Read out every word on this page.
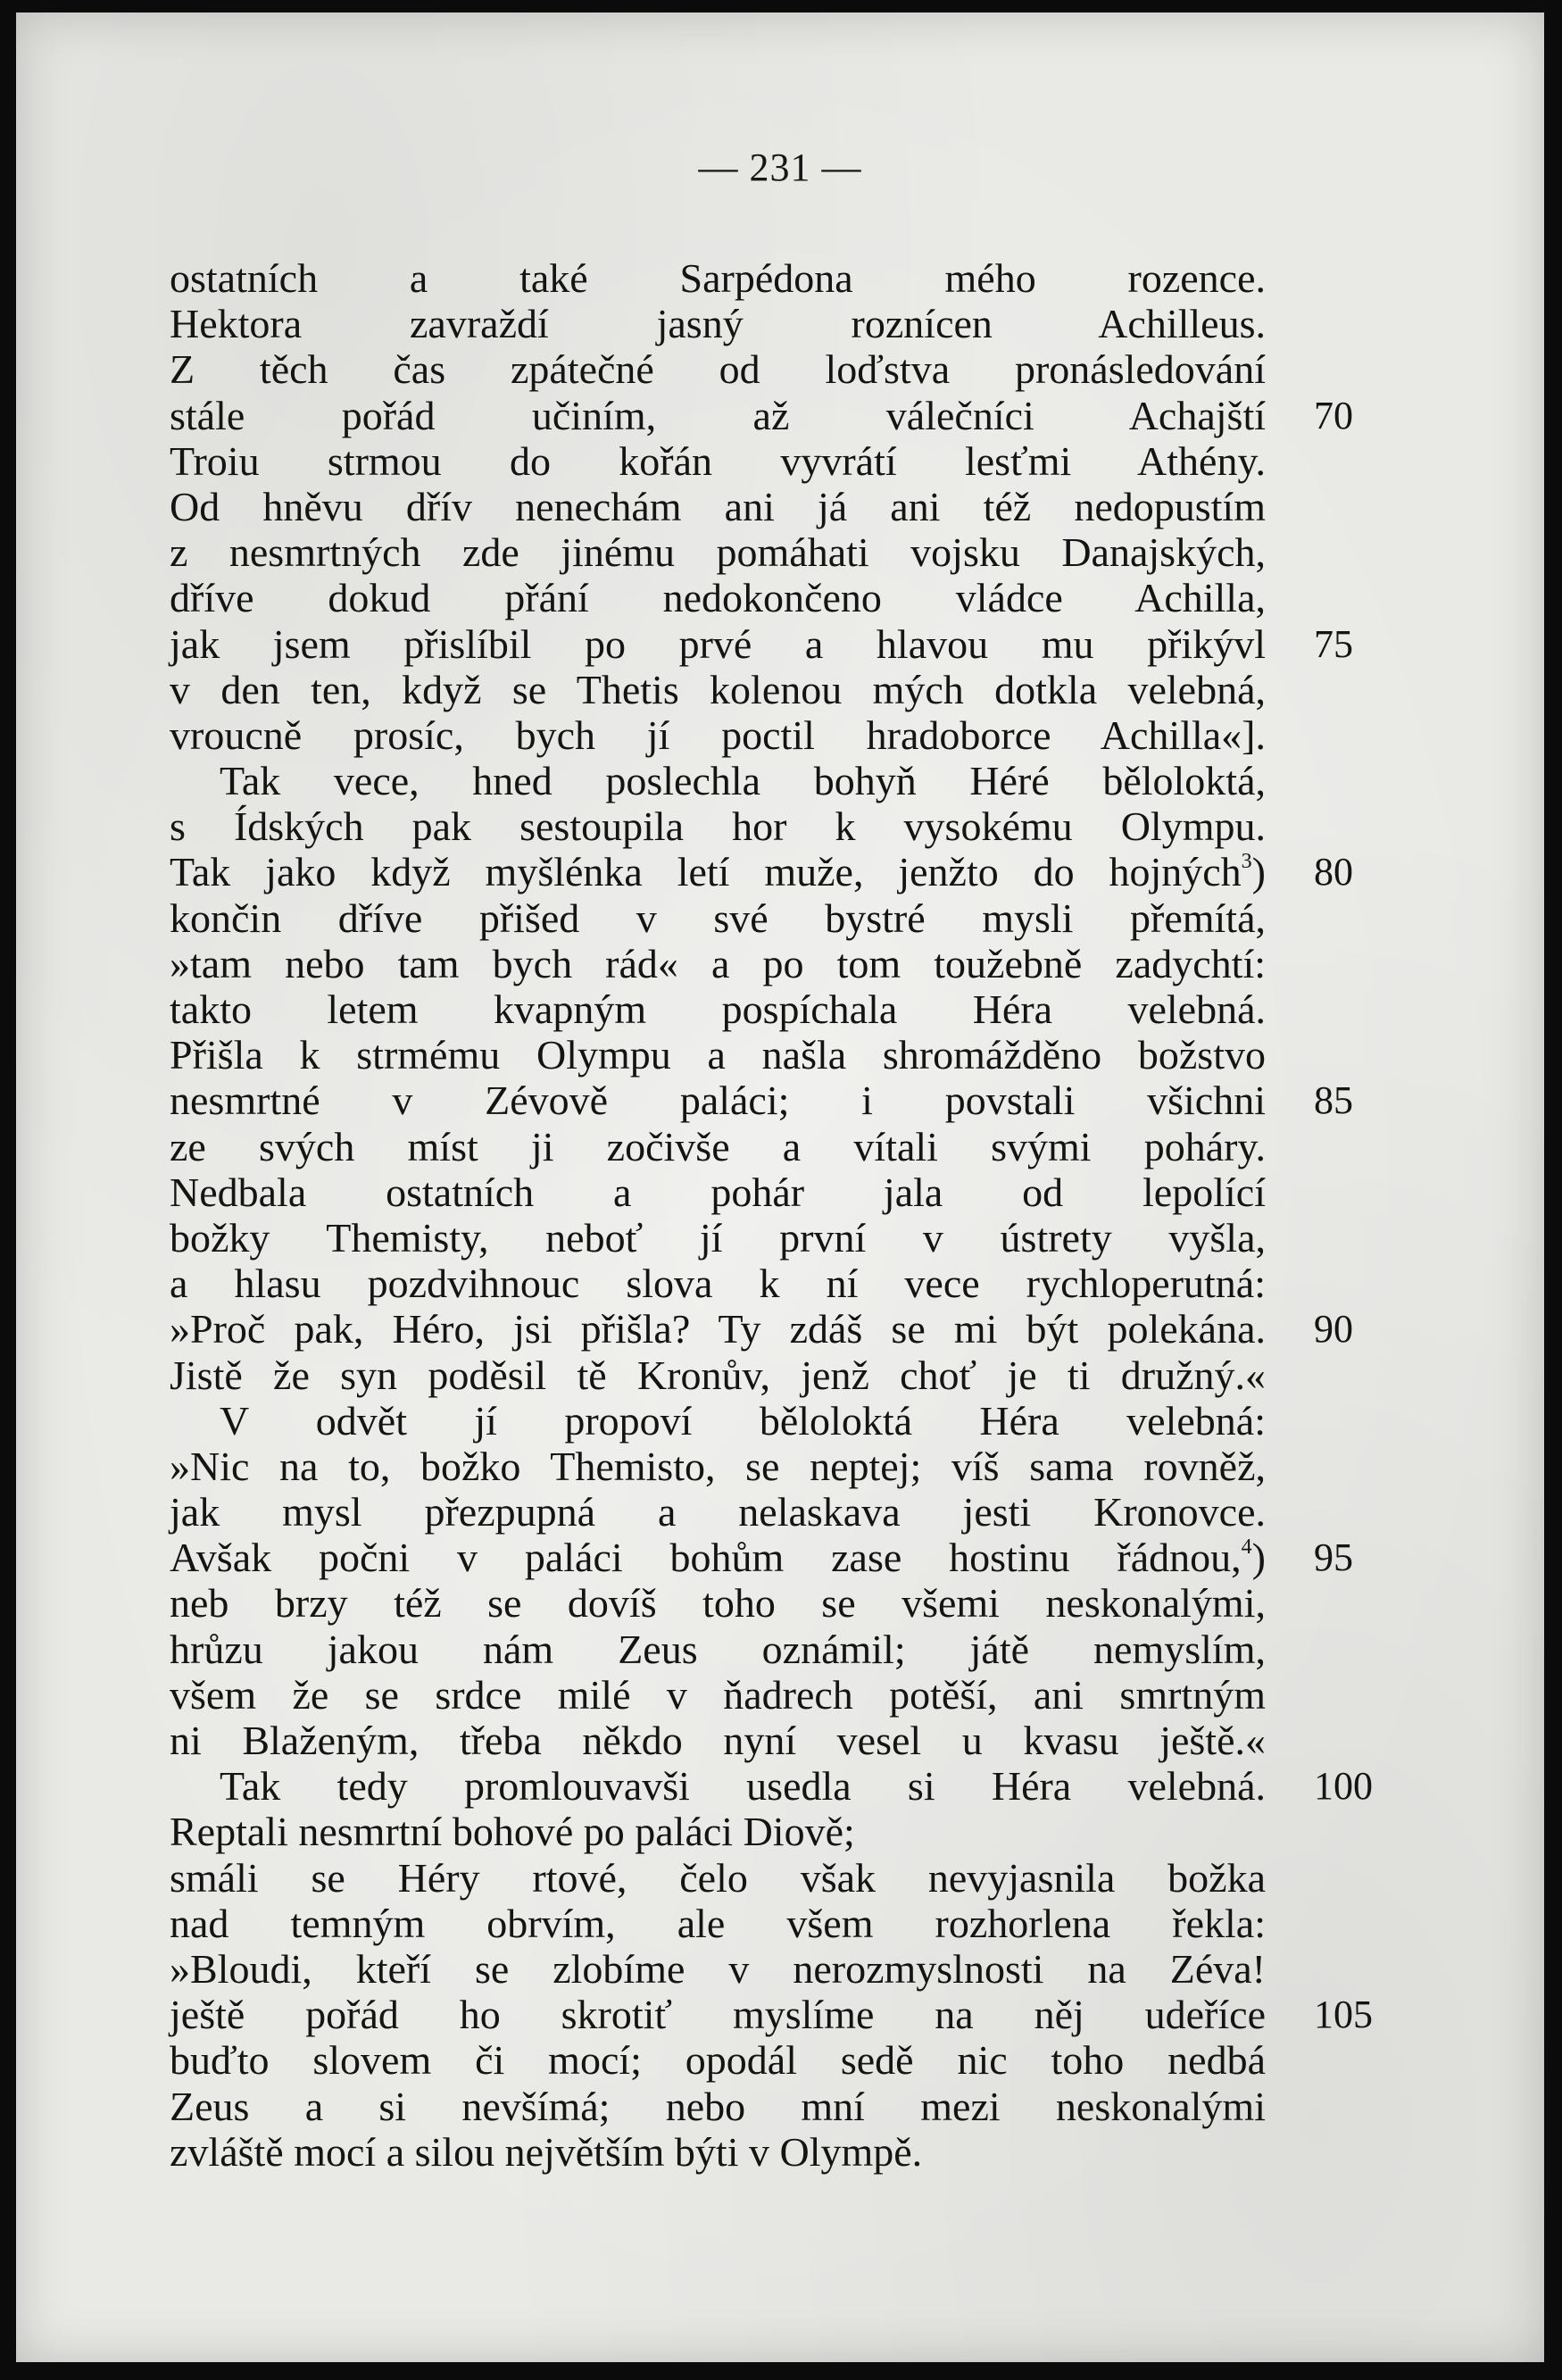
— 231 —
ostatních a také Sarpédona mého rozence.
Hektora zavraždí jasný roznícen Achilleus.
Z těch čas zpátečné od loďstva pronásledování
stále pořád učiním, až válečníci Achajští 70
Troiu strmou do kořán vyvrátí lesťmi Athény.
Od hněvu dřív nenechám ani já ani též nedopustím
z nesmrtných zde jinému pomáhati vojsku Danajských,
dříve dokud přání nedokončeno vládce Achilla,
jak jsem přislíbil po prvé a hlavou mu přikývl 75
v den ten, když se Thetis kolenou mých dotkla velebná,
vroucně prosíc, bych jí poctil hradoborce Achilla«].
Tak vece, hned poslechla bohyň Héré běloloktá,
s Ídských pak sestoupila hor k vysokému Olympu.
Tak jako když myšlénka letí muže, jenžto do hojných$^3$) 80
končin dříve přišed v své bystré mysli přemítá,
»tam nebo tam bych rád« a po tom toužebně zadychtí:
takto letem kvapným pospíchala Héra velebná.
Přišla k strmému Olympu a našla shromážděno božstvo
nesmrtné v Zévově paláci; i povstali všichni 85
ze svých míst ji zočivše a vítali svými poháry.
Nedbala ostatních a pohár jala od lepolící
božky Themisty, neboť jí první v ústrety vyšla,
a hlasu pozdvihnouc slova k ní vece rychloperutná:
»Proč pak, Héro, jsi přišla? Ty zdáš se mi být polekána. 90
Jistě že syn poděsil tě Kronův, jenž choť je ti družný.«
V odvět jí propoví bělolоktá Héra velebná:
»Nic na to, božko Themisto, se neptej; víš sama rovněž,
jak mysl přezpupná a nelaskava jesti Kronovce.
Avšak počni v paláci bohům zase hostinu řádnou,$^4$) 95
neb brzy též se dovíš toho se všemi neskonalými,
hrůzu jakou nám Zeus oznámil; játě nemyslím,
všem že se srdce milé v ňadrech potěší, ani smrtným
ni Blaženým, třeba někdo nyní vesel u kvasu ještě.«
Tak tedy promlouvavši usedla si Héra velebná. 100
Reptali nesmrtní bohové po paláci Diově;
smáli se Héry rtové, čelo však nevyjasnila božka
nad temným obrvím, ale všem rozhorlena řekla:
»Bloudi, kteří se zlobíme v nerozmyslnosti na Zéva!
ještě pořád ho skrotiť myslíme na něj udeříce 105
buďto slovem či mocí; opodál sedě nic toho nedbá
Zeus a si nevšímá; nebo mní mezi neskonalými
zvláště mocí a silou největším býti v Olympě.
